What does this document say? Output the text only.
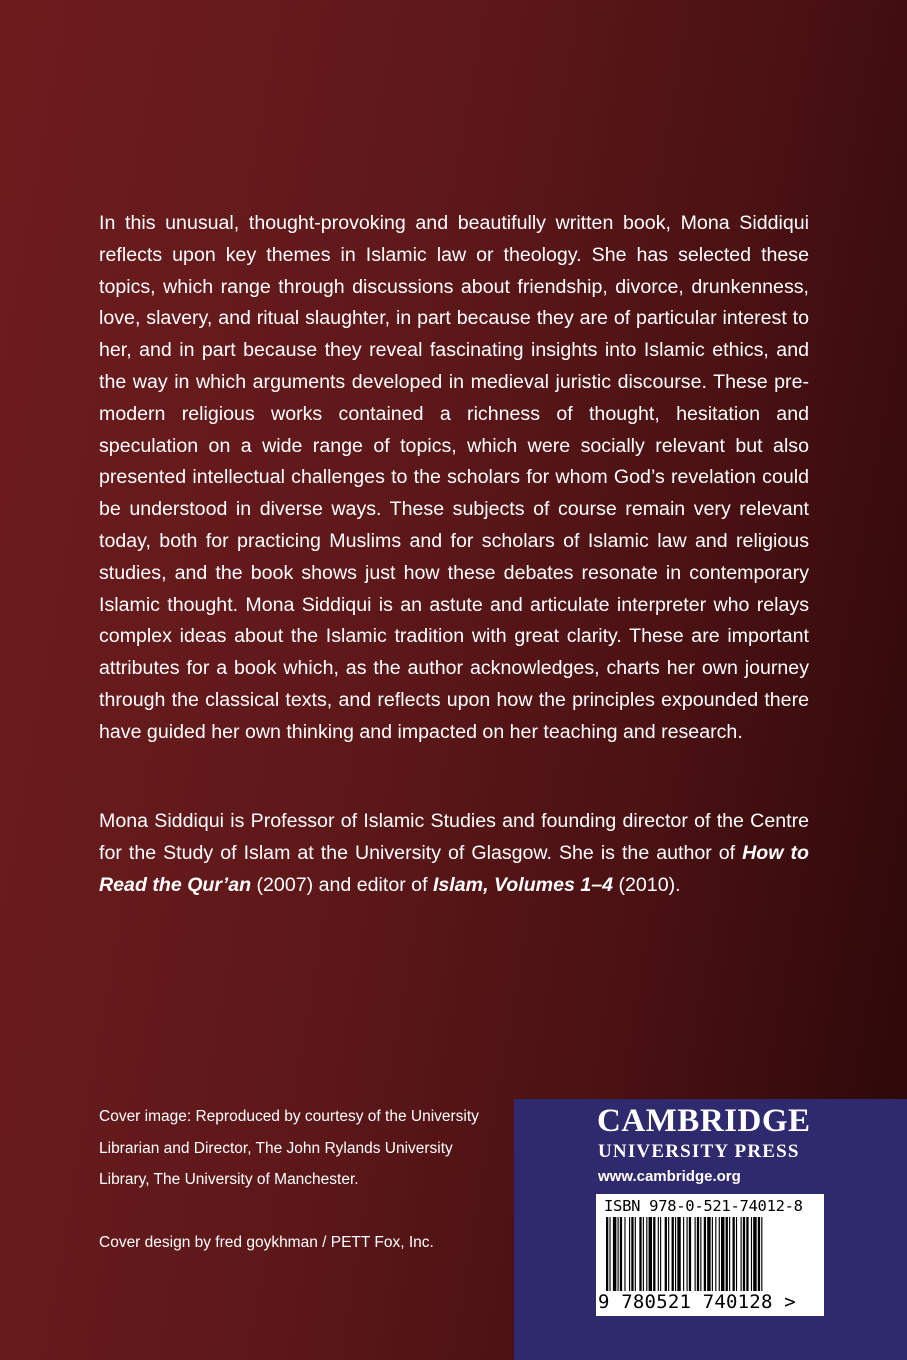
In this unusual, thought-provoking and beautifully written book, Mona Siddiqui reflects upon key themes in Islamic law or theology. She has selected these topics, which range through discussions about friendship, divorce, drunkenness, love, slavery, and ritual slaughter, in part because they are of particular interest to her, and in part because they reveal fascinating insights into Islamic ethics, and the way in which arguments developed in medieval juristic discourse. These pre-modern religious works contained a richness of thought, hesitation and speculation on a wide range of topics, which were socially relevant but also presented intellectual challenges to the scholars for whom God’s revelation could be understood in diverse ways. These subjects of course remain very relevant today, both for practicing Muslims and for scholars of Islamic law and religious studies, and the book shows just how these debates resonate in contemporary Islamic thought. Mona Siddiqui is an astute and articulate interpreter who relays complex ideas about the Islamic tradition with great clarity. These are important attributes for a book which, as the author acknowledges, charts her own journey through the classical texts, and reflects upon how the principles expounded there have guided her own thinking and impacted on her teaching and research.

Mona Siddiqui is Professor of Islamic Studies and founding director of the Centre for the Study of Islam at the University of Glasgow. She is the author of How to Read the Qur’an (2007) and editor of Islam, Volumes 1–4 (2010).

Cover image: Reproduced by courtesy of the University Librarian and Director, The John Rylands University Library, The University of Manchester.

Cover design by fred goykhman / PETT Fox, Inc.

CAMBRIDGE
UNIVERSITY PRESS
www.cambridge.org
ISBN 978-0-521-74012-8
9 780521 740128 >
